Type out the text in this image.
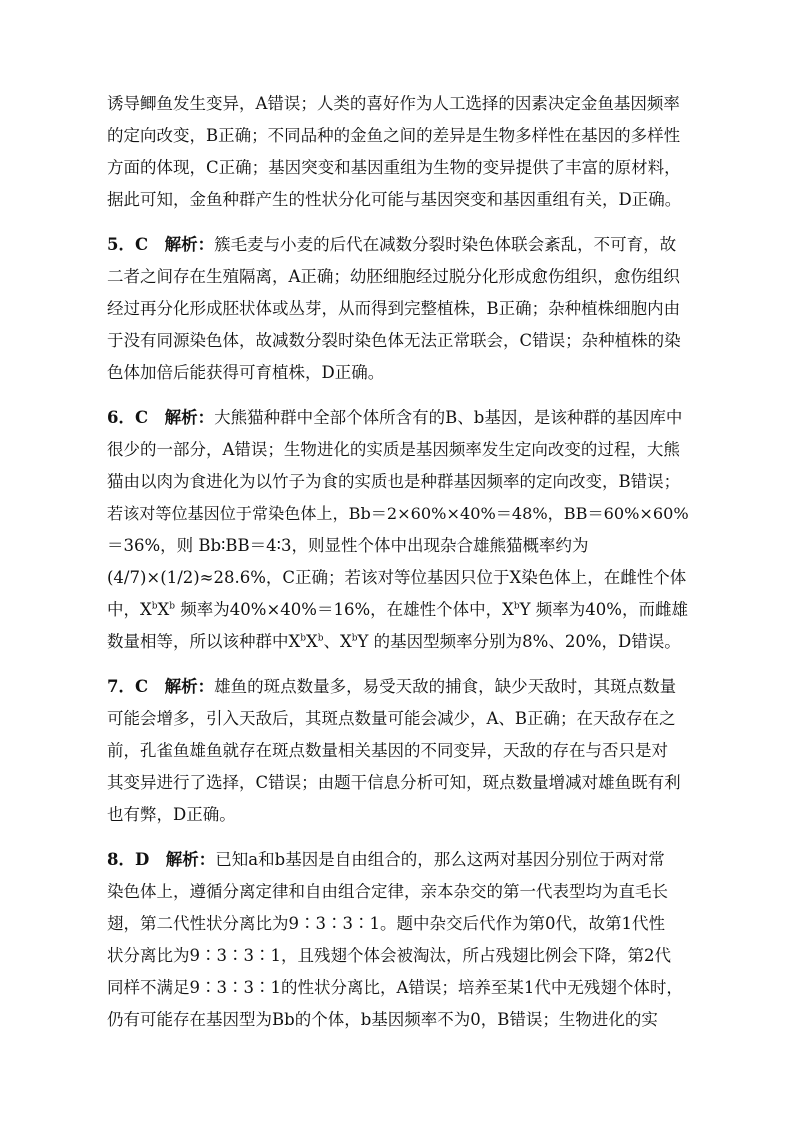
诱导鲫鱼发生变异，A错误；人类的喜好作为人工选择的因素决定金鱼基因频率
的定向改变，B正确；不同品种的金鱼之间的差异是生物多样性在基因的多样性
方面的体现，C正确；基因突变和基因重组为生物的变异提供了丰富的原材料，
据此可知，金鱼种群产生的性状分化可能与基因突变和基因重组有关，D正确。

5．C　解析：簇毛麦与小麦的后代在减数分裂时染色体联会紊乱，不可育，故
二者之间存在生殖隔离，A正确；幼胚细胞经过脱分化形成愈伤组织，愈伤组织
经过再分化形成胚状体或丛芽，从而得到完整植株，B正确；杂种植株细胞内由
于没有同源染色体，故减数分裂时染色体无法正常联会，C错误；杂种植株的染
色体加倍后能获得可育植株，D正确。

6．C　解析：大熊猫种群中全部个体所含有的B、b基因，是该种群的基因库中
很少的一部分，A错误；生物进化的实质是基因频率发生定向改变的过程，大熊
猫由以肉为食进化为以竹子为食的实质也是种群基因频率的定向改变，B错误；
若该对等位基因位于常染色体上，Bb＝2×60%×40%＝48%，BB＝60%×60%
＝36%，则 Bb∶BB＝4∶3，则显性个体中出现杂合雄熊猫概率约为
(4/7)×(1/2)≈28.6%，C正确；若该对等位基因只位于X染色体上，在雌性个体
中，$X^bX^b$ 频率为40%×40%＝16%，在雄性个体中，$X^bY$ 频率为40%，而雌雄
数量相等，所以该种群中$X^bX^b$、$X^bY$ 的基因型频率分别为8%、20%，D错误。

7．C　解析：雄鱼的斑点数量多，易受天敌的捕食，缺少天敌时，其斑点数量
可能会增多，引入天敌后，其斑点数量可能会减少，A、B正确；在天敌存在之
前，孔雀鱼雄鱼就存在斑点数量相关基因的不同变异，天敌的存在与否只是对
其变异进行了选择，C错误；由题干信息分析可知，斑点数量增减对雄鱼既有利
也有弊，D正确。

8．D　解析：已知a和b基因是自由组合的，那么这两对基因分别位于两对常
染色体上，遵循分离定律和自由组合定律，亲本杂交的第一代表型均为直毛长
翅，第二代性状分离比为9∶3∶3∶1。题中杂交后代作为第0代，故第1代性
状分离比为9∶3∶3∶1，且残翅个体会被淘汰，所占残翅比例会下降，第2代
同样不满足9∶3∶3∶1的性状分离比，A错误；培养至某1代中无残翅个体时，
仍有可能存在基因型为Bb的个体，b基因频率不为0，B错误；生物进化的实
